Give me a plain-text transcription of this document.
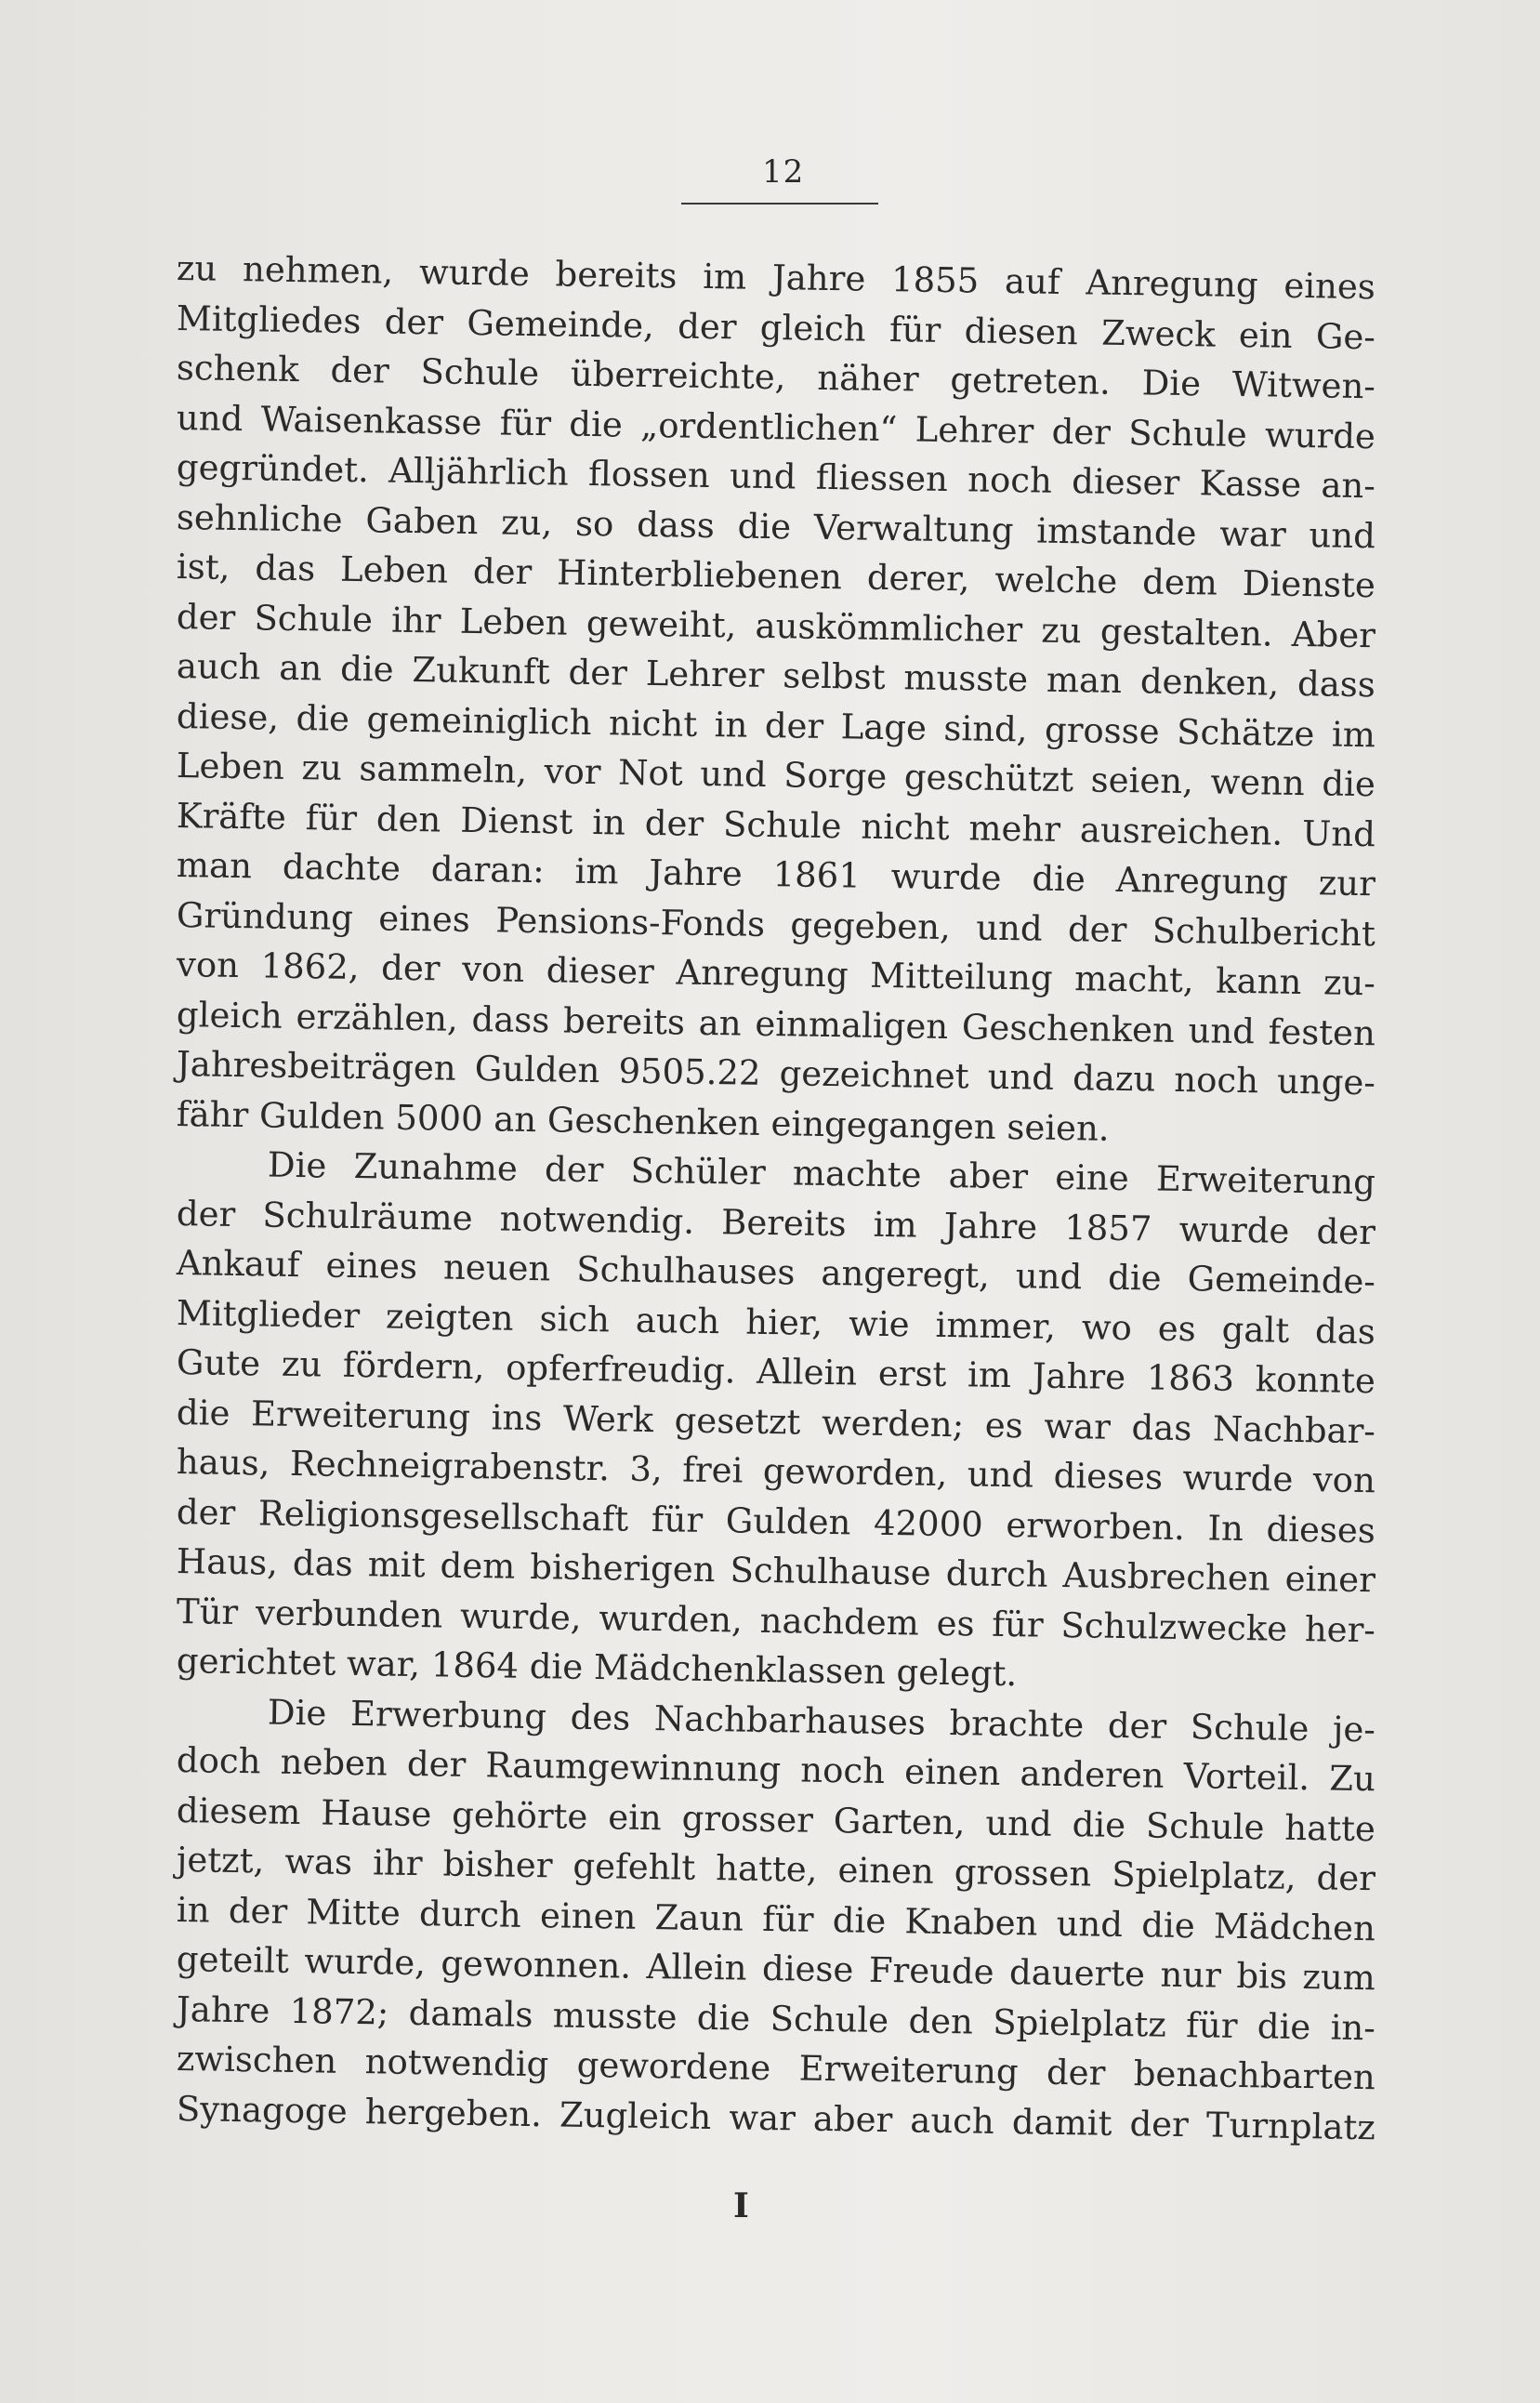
12
zu nehmen, wurde bereits im Jahre 1855 auf Anregung eines
Mitgliedes der Gemeinde, der gleich für diesen Zweck ein Ge-
schenk der Schule überreichte, näher getreten. Die Witwen-
und Waisenkasse für die „ordentlichen“ Lehrer der Schule wurde
gegründet. Alljährlich flossen und fliessen noch dieser Kasse an-
sehnliche Gaben zu, so dass die Verwaltung imstande war und
ist, das Leben der Hinterbliebenen derer, welche dem Dienste
der Schule ihr Leben geweiht, auskömmlicher zu gestalten. Aber
auch an die Zukunft der Lehrer selbst musste man denken, dass
diese, die gemeiniglich nicht in der Lage sind, grosse Schätze im
Leben zu sammeln, vor Not und Sorge geschützt seien, wenn die
Kräfte für den Dienst in der Schule nicht mehr ausreichen. Und
man dachte daran: im Jahre 1861 wurde die Anregung zur
Gründung eines Pensions-Fonds gegeben, und der Schulbericht
von 1862, der von dieser Anregung Mitteilung macht, kann zu-
gleich erzählen, dass bereits an einmaligen Geschenken und festen
Jahresbeiträgen Gulden 9505.22 gezeichnet und dazu noch unge-
fähr Gulden 5000 an Geschenken eingegangen seien.
Die Zunahme der Schüler machte aber eine Erweiterung
der Schulräume notwendig. Bereits im Jahre 1857 wurde der
Ankauf eines neuen Schulhauses angeregt, und die Gemeinde-
Mitglieder zeigten sich auch hier, wie immer, wo es galt das
Gute zu fördern, opferfreudig. Allein erst im Jahre 1863 konnte
die Erweiterung ins Werk gesetzt werden; es war das Nachbar-
haus, Rechneigrabenstr. 3, frei geworden, und dieses wurde von
der Religionsgesellschaft für Gulden 42000 erworben. In dieses
Haus, das mit dem bisherigen Schulhause durch Ausbrechen einer
Tür verbunden wurde, wurden, nachdem es für Schulzwecke her-
gerichtet war, 1864 die Mädchenklassen gelegt.
Die Erwerbung des Nachbarhauses brachte der Schule je-
doch neben der Raumgewinnung noch einen anderen Vorteil. Zu
diesem Hause gehörte ein grosser Garten, und die Schule hatte
jetzt, was ihr bisher gefehlt hatte, einen grossen Spielplatz, der
in der Mitte durch einen Zaun für die Knaben und die Mädchen
geteilt wurde, gewonnen. Allein diese Freude dauerte nur bis zum
Jahre 1872; damals musste die Schule den Spielplatz für die in-
zwischen notwendig gewordene Erweiterung der benachbarten
Synagoge hergeben. Zugleich war aber auch damit der Turnplatz
I
